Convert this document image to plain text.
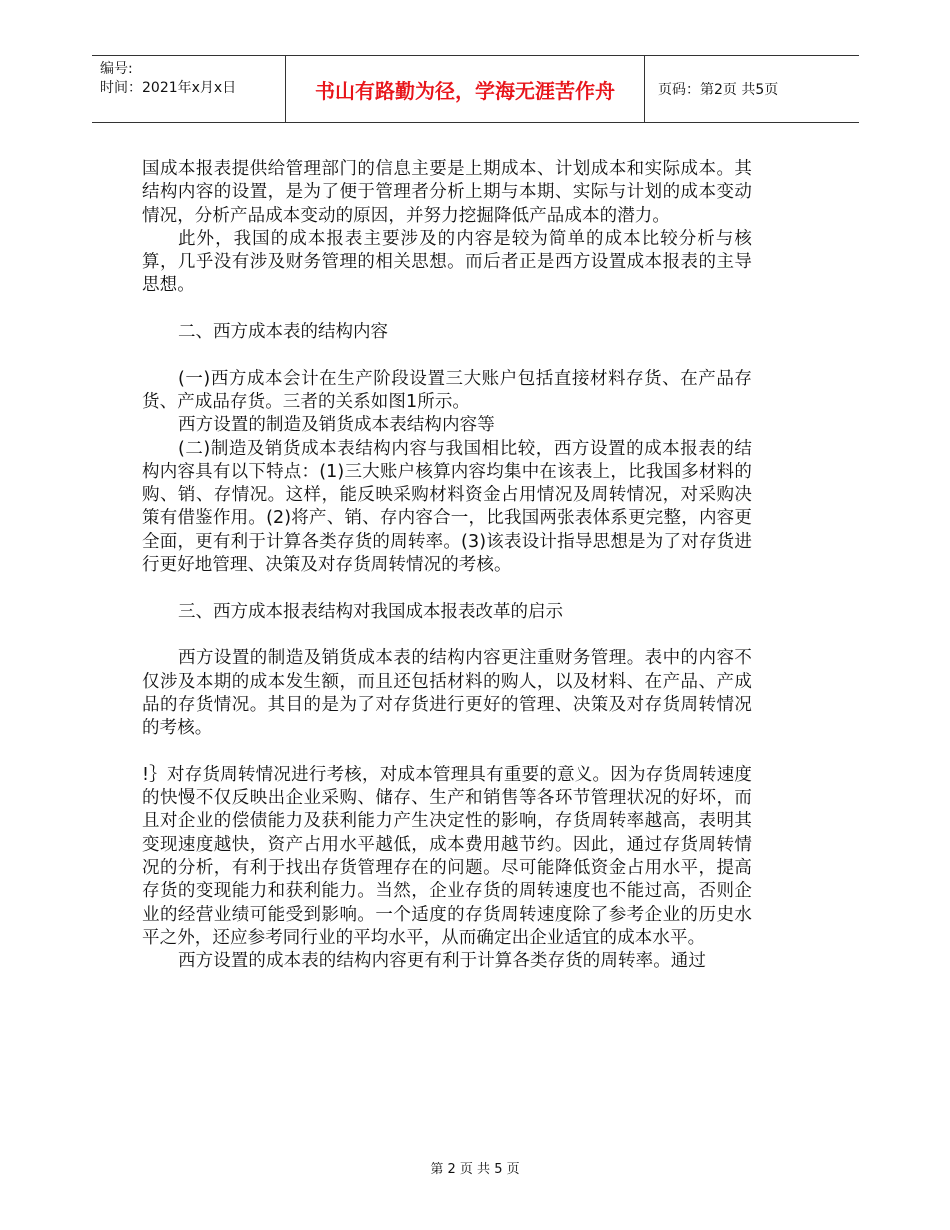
编号:
时间：2021年x月x日	书山有路勤为径，学海无涯苦作舟	页码：第2页 共5页

国成本报表提供给管理部门的信息主要是上期成本、计划成本和实际成本。其结构内容的设置，是为了便于管理者分析上期与本期、实际与计划的成本变动情况，分析产品成本变动的原因，并努力挖掘降低产品成本的潜力。

此外，我国的成本报表主要涉及的内容是较为简单的成本比较分析与核算，几乎没有涉及财务管理的相关思想。而后者正是西方设置成本报表的主导思想。

二、西方成本表的结构内容

(一)西方成本会计在生产阶段设置三大账户包括直接材料存货、在产品存货、产成品存货。三者的关系如图1所示。

西方设置的制造及销货成本表结构内容等

(二)制造及销货成本表结构内容与我国相比较，西方设置的成本报表的结构内容具有以下特点：(1)三大账户核算内容均集中在该表上，比我国多材料的购、销、存情况。这样，能反映采购材料资金占用情况及周转情况，对采购决策有借鉴作用。(2)将产、销、存内容合一，比我国两张表体系更完整，内容更全面，更有利于计算各类存货的周转率。(3)该表设计指导思想是为了对存货进行更好地管理、决策及对存货周转情况的考核。

三、西方成本报表结构对我国成本报表改革的启示

西方设置的制造及销货成本表的结构内容更注重财务管理。表中的内容不仅涉及本期的成本发生额，而且还包括材料的购人，以及材料、在产品、产成品的存货情况。其目的是为了对存货进行更好的管理、决策及对存货周转情况的考核。

!｝对存货周转情况进行考核，对成本管理具有重要的意义。因为存货周转速度的快慢不仅反映出企业采购、储存、生产和销售等各环节管理状况的好坏，而且对企业的偿债能力及获利能力产生决定性的影响，存货周转率越高，表明其变现速度越快，资产占用水平越低，成本费用越节约。因此，通过存货周转情况的分析，有利于找出存货管理存在的问题。尽可能降低资金占用水平，提高存货的变现能力和获利能力。当然，企业存货的周转速度也不能过高，否则企业的经营业绩可能受到影响。一个适度的存货周转速度除了参考企业的历史水平之外，还应参考同行业的平均水平，从而确定出企业适宜的成本水平。

西方设置的成本表的结构内容更有利于计算各类存货的周转率。通过

第 2 页 共 5 页
